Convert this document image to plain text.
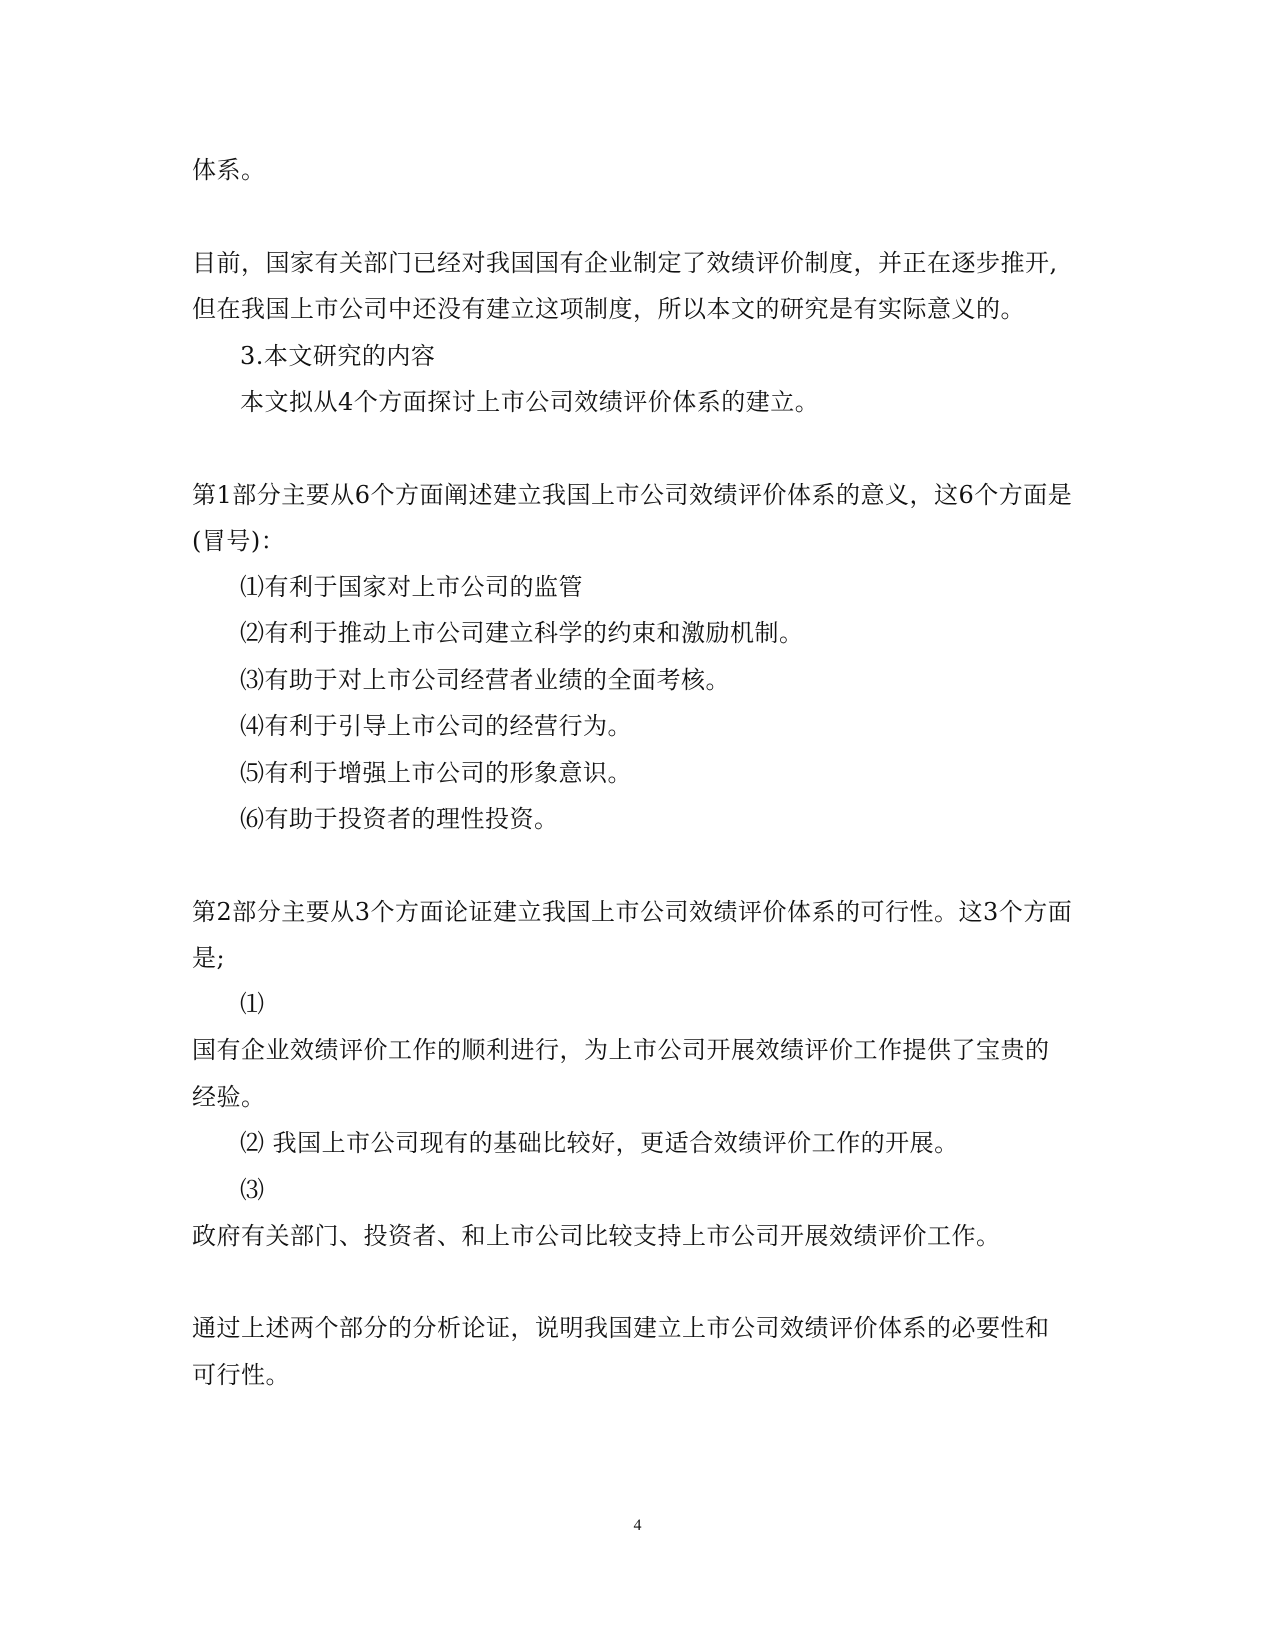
体系。
目前，国家有关部门已经对我国国有企业制定了效绩评价制度，并正在逐步推开,
但在我国上市公司中还没有建立这项制度，所以本文的研究是有实际意义的。
3.本文研究的内容
本文拟从4个方面探讨上市公司效绩评价体系的建立。
第1部分主要从6个方面阐述建立我国上市公司效绩评价体系的意义，这6个方面是
(冒号)：
⑴有利于国家对上市公司的监管
⑵有利于推动上市公司建立科学的约束和激励机制。
⑶有助于对上市公司经营者业绩的全面考核。
⑷有利于引导上市公司的经营行为。
⑸有利于增强上市公司的形象意识。
⑹有助于投资者的理性投资。
第2部分主要从3个方面论证建立我国上市公司效绩评价体系的可行性。这3个方面
是;
⑴
国有企业效绩评价工作的顺利进行，为上市公司开展效绩评价工作提供了宝贵的
经验。
⑵ 我国上市公司现有的基础比较好，更适合效绩评价工作的开展。
⑶
政府有关部门、投资者、和上市公司比较支持上市公司开展效绩评价工作。
通过上述两个部分的分析论证，说明我国建立上市公司效绩评价体系的必要性和
可行性。
4
